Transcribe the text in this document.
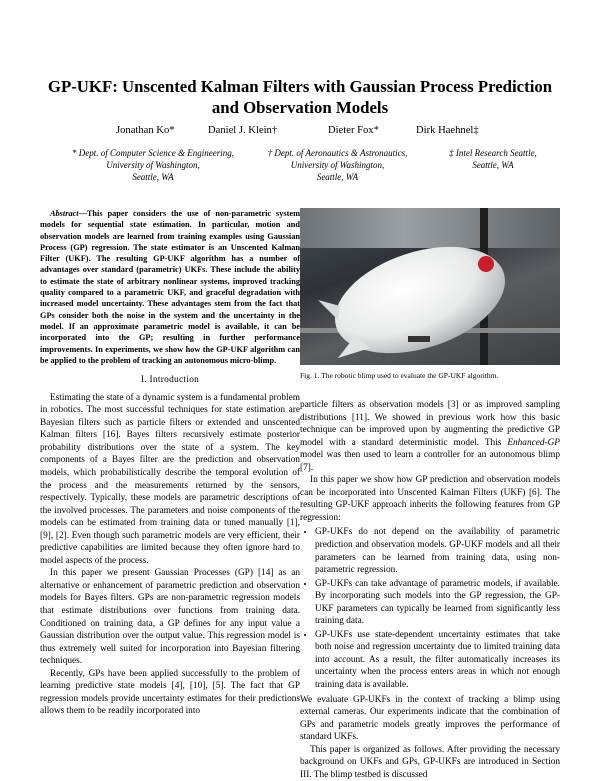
GP-UKF: Unscented Kalman Filters with Gaussian Process Prediction and Observation Models
Jonathan Ko*	Daniel J. Klein†	Dieter Fox*	Dirk Haehnel‡
* Dept. of Computer Science & Engineering,
University of Washington,
Seattle, WA
† Dept. of Aeronautics & Astronautics,
University of Washington,
Seattle, WA
‡ Intel Research Seattle,
Seattle, WA

Abstract—This paper considers the use of non-parametric system models for sequential state estimation. In particular, motion and observation models are learned from training examples using Gaussian Process (GP) regression. The state estimator is an Unscented Kalman Filter (UKF). The resulting GP-UKF algorithm has a number of advantages over standard (parametric) UKFs. These include the ability to estimate the state of arbitrary nonlinear systems, improved tracking quality compared to a parametric UKF, and graceful degradation with increased model uncertainty. These advantages stem from the fact that GPs consider both the noise in the system and the uncertainty in the model. If an approximate parametric model is available, it can be incorporated into the GP; resulting in further performance improvements. In experiments, we show how the GP-UKF algorithm can be applied to the problem of tracking an autonomous micro-blimp.

I. Introduction

Estimating the state of a dynamic system is a fundamental problem in robotics. The most successful techniques for state estimation are Bayesian filters such as particle filters or extended and unscented Kalman filters [16]. Bayes filters recursively estimate posterior probability distributions over the state of a system. The key components of a Bayes filter are the prediction and observation models, which probabilistically describe the temporal evolution of the process and the measurements returned by the sensors, respectively. Typically, these models are parametric descriptions of the involved processes. The parameters and noise components of the models can be estimated from training data or tuned manually [1], [9], [2]. Even though such parametric models are very efficient, their predictive capabilities are limited because they often ignore hard to model aspects of the process.

In this paper we present Gaussian Processes (GP) [14] as an alternative or enhancement of parametric prediction and observation models for Bayes filters. GPs are non-parametric regression models that estimate distributions over functions from training data. Conditioned on training data, a GP defines for any input value a Gaussian distribution over the output value. This regression model is thus extremely well suited for incorporation into Bayesian filtering techniques.

Recently, GPs have been applied successfully to the problem of learning predictive state models [4], [10], [5]. The fact that GP regression models provide uncertainty estimates for their predictions allows them to be readily incorporated into

Fig. 1. The robotic blimp used to evaluate the GP-UKF algorithm.

particle filters as observation models [3] or as improved sampling distributions [11]. We showed in previous work how this basic technique can be improved upon by augmenting the predictive GP model with a standard deterministic model. This Enhanced-GP model was then used to learn a controller for an autonomous blimp [7].

In this paper we show how GP prediction and observation models can be incorporated into Unscented Kalman Filters (UKF) [6]. The resulting GP-UKF approach inherits the following features from GP regression:

• GP-UKFs do not depend on the availability of parametric prediction and observation models. GP-UKF models and all their parameters can be learned from training data, using non-parametric regression.
• GP-UKFs can take advantage of parametric models, if available. By incorporating such models into the GP regression, the GP-UKF parameters can typically be learned from significantly less training data.
• GP-UKFs use state-dependent uncertainty estimates that take both noise and regression uncertainty due to limited training data into account. As a result, the filter automatically increases its uncertainty when the process enters areas in which not enough training data is available.

We evaluate GP-UKFs in the context of tracking a blimp using external cameras. Our experiments indicate that the combination of GPs and parametric models greatly improves the performance of standard UKFs.

This paper is organized as follows. After providing the necessary background on UKFs and GPs, GP-UKFs are introduced in Section III. The blimp testbed is discussed
